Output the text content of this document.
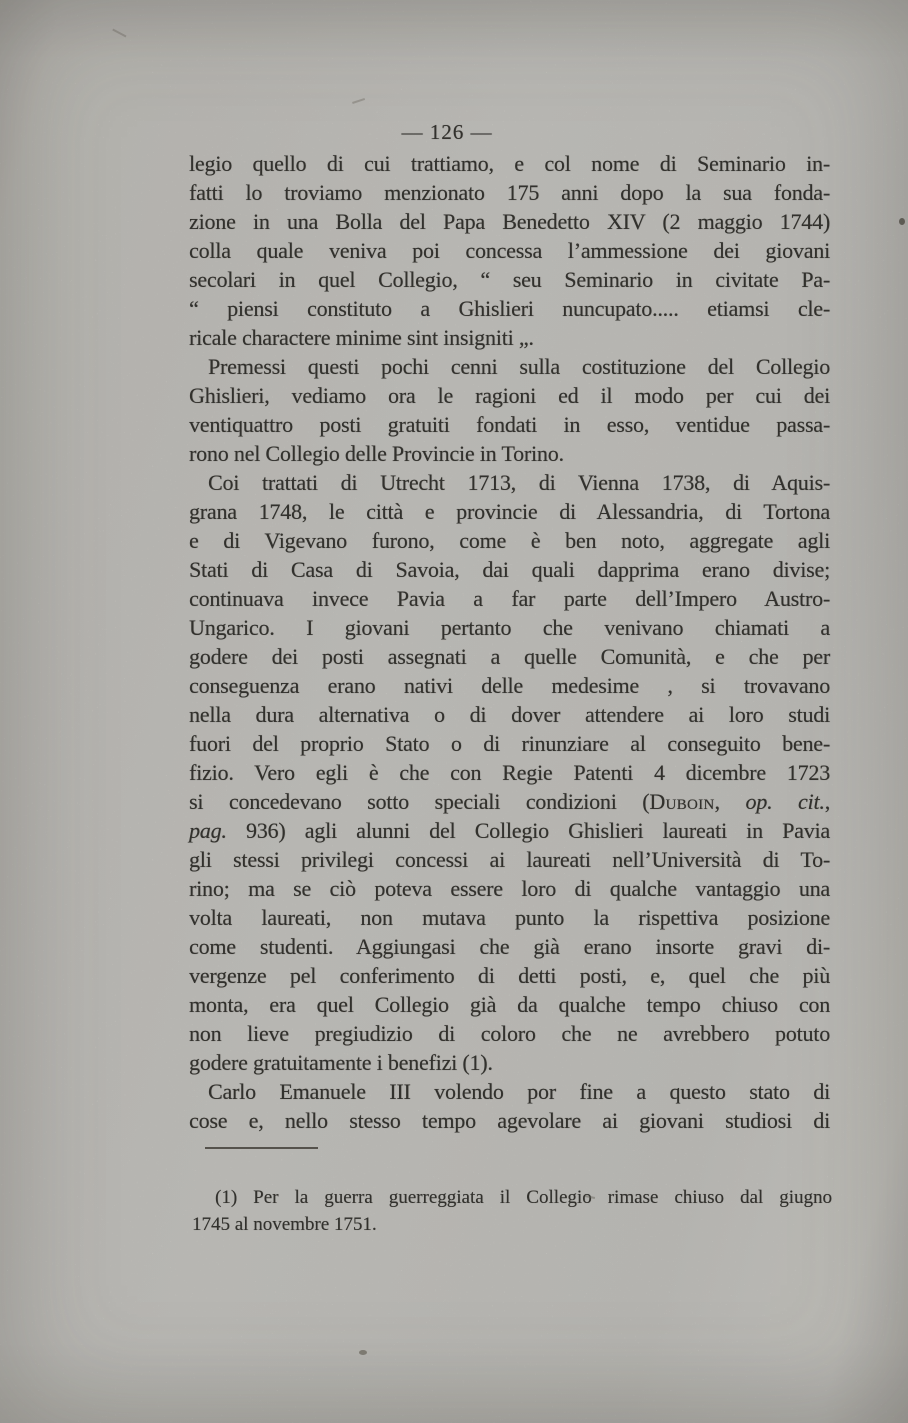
— 126 —
legio quello di cui trattiamo, e col nome di Seminario in-
fatti lo troviamo menzionato 175 anni dopo la sua fonda-
zione in una Bolla del Papa Benedetto XIV (2 maggio 1744)
colla quale veniva poi concessa l’ammessione dei giovani
secolari in quel Collegio, “ seu Seminario in civitate Pa-
“ piensi constituto a Ghislieri nuncupato..... etiamsi cle-
ricale charactere minime sint insigniti „.
Premessi questi pochi cenni sulla costituzione del Collegio
Ghislieri, vediamo ora le ragioni ed il modo per cui dei
ventiquattro posti gratuiti fondati in esso, ventidue passa-
rono nel Collegio delle Provincie in Torino.
Coi trattati di Utrecht 1713, di Vienna 1738, di Aquis-
grana 1748, le città e provincie di Alessandria, di Tortona
e di Vigevano furono, come è ben noto, aggregate agli
Stati di Casa di Savoia, dai quali dapprima erano divise;
continuava invece Pavia a far parte dell’Impero Austro-
Ungarico. I giovani pertanto che venivano chiamati a
godere dei posti assegnati a quelle Comunità, e che per
conseguenza erano nativi delle medesime , si trovavano
nella dura alternativa o di dover attendere ai loro studi
fuori del proprio Stato o di rinunziare al conseguito bene-
fizio. Vero egli è che con Regie Patenti 4 dicembre 1723
si concedevano sotto speciali condizioni (Duboin, op. cit.,
pag. 936) agli alunni del Collegio Ghislieri laureati in Pavia
gli stessi privilegi concessi ai laureati nell’Università di To-
rino; ma se ciò poteva essere loro di qualche vantaggio una
volta laureati, non mutava punto la rispettiva posizione
come studenti. Aggiungasi che già erano insorte gravi di-
vergenze pel conferimento di detti posti, e, quel che più
monta, era quel Collegio già da qualche tempo chiuso con
non lieve pregiudizio di coloro che ne avrebbero potuto
godere gratuitamente i benefizi (1).
Carlo Emanuele III volendo por fine a questo stato di
cose e, nello stesso tempo agevolare ai giovani studiosi di
(1) Per la guerra guerreggiata il Collegio rimase chiuso dal giugno
1745 al novembre 1751.
